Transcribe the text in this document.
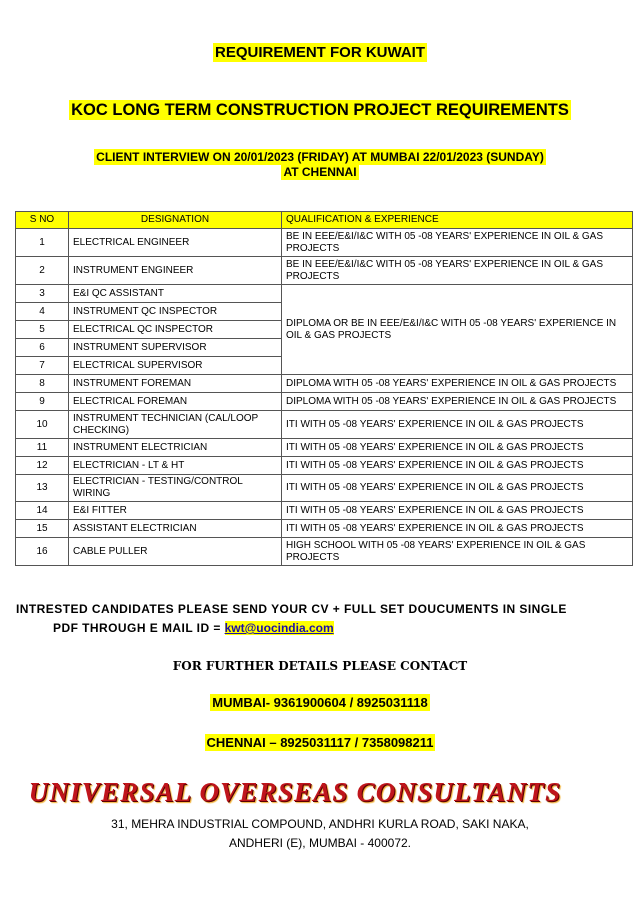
REQUIREMENT FOR KUWAIT
KOC LONG TERM CONSTRUCTION PROJECT REQUIREMENTS
CLIENT INTERVIEW ON 20/01/2023 (FRIDAY) AT MUMBAI 22/01/2023 (SUNDAY)
AT CHENNAI
S NO	DESIGNATION	QUALIFICATION & EXPERIENCE
1	ELECTRICAL ENGINEER	BE IN EEE/E&I/I&C WITH 05 -08 YEARS' EXPERIENCE IN OIL & GAS PROJECTS
2	INSTRUMENT ENGINEER	BE IN EEE/E&I/I&C WITH 05 -08 YEARS' EXPERIENCE IN OIL & GAS PROJECTS
3	E&I QC ASSISTANT	DIPLOMA OR BE IN EEE/E&I/I&C WITH 05 -08 YEARS' EXPERIENCE IN OIL & GAS PROJECTS
4	INSTRUMENT QC INSPECTOR	
5	ELECTRICAL QC INSPECTOR	
6	INSTRUMENT SUPERVISOR	
7	ELECTRICAL SUPERVISOR	
8	INSTRUMENT FOREMAN	DIPLOMA WITH 05 -08 YEARS' EXPERIENCE IN OIL & GAS PROJECTS
9	ELECTRICAL FOREMAN	DIPLOMA WITH 05 -08 YEARS' EXPERIENCE IN OIL & GAS PROJECTS
10	INSTRUMENT TECHNICIAN (CAL/LOOP CHECKING)	ITI WITH 05 -08 YEARS' EXPERIENCE IN OIL & GAS PROJECTS
11	INSTRUMENT ELECTRICIAN	ITI WITH 05 -08 YEARS' EXPERIENCE IN OIL & GAS PROJECTS
12	ELECTRICIAN - LT & HT	ITI WITH 05 -08 YEARS' EXPERIENCE IN OIL & GAS PROJECTS
13	ELECTRICIAN - TESTING/CONTROL WIRING	ITI WITH 05 -08 YEARS' EXPERIENCE IN OIL & GAS PROJECTS
14	E&I FITTER	ITI WITH 05 -08 YEARS' EXPERIENCE IN OIL & GAS PROJECTS
15	ASSISTANT ELECTRICIAN	ITI WITH 05 -08 YEARS' EXPERIENCE IN OIL & GAS PROJECTS
16	CABLE PULLER	HIGH SCHOOL WITH 05 -08 YEARS' EXPERIENCE IN OIL & GAS PROJECTS
INTRESTED CANDIDATES PLEASE SEND YOUR CV + FULL SET DOUCUMENTS IN SINGLE
PDF THROUGH E MAIL ID = kwt@uocindia.com
FOR FURTHER DETAILS PLEASE CONTACT
MUMBAI- 9361900604 / 8925031118
CHENNAI – 8925031117 / 7358098211
UNIVERSAL OVERSEAS CONSULTANTS
31, MEHRA INDUSTRIAL COMPOUND, ANDHRI KURLA ROAD, SAKI NAKA,
ANDHERI (E), MUMBAI - 400072.
